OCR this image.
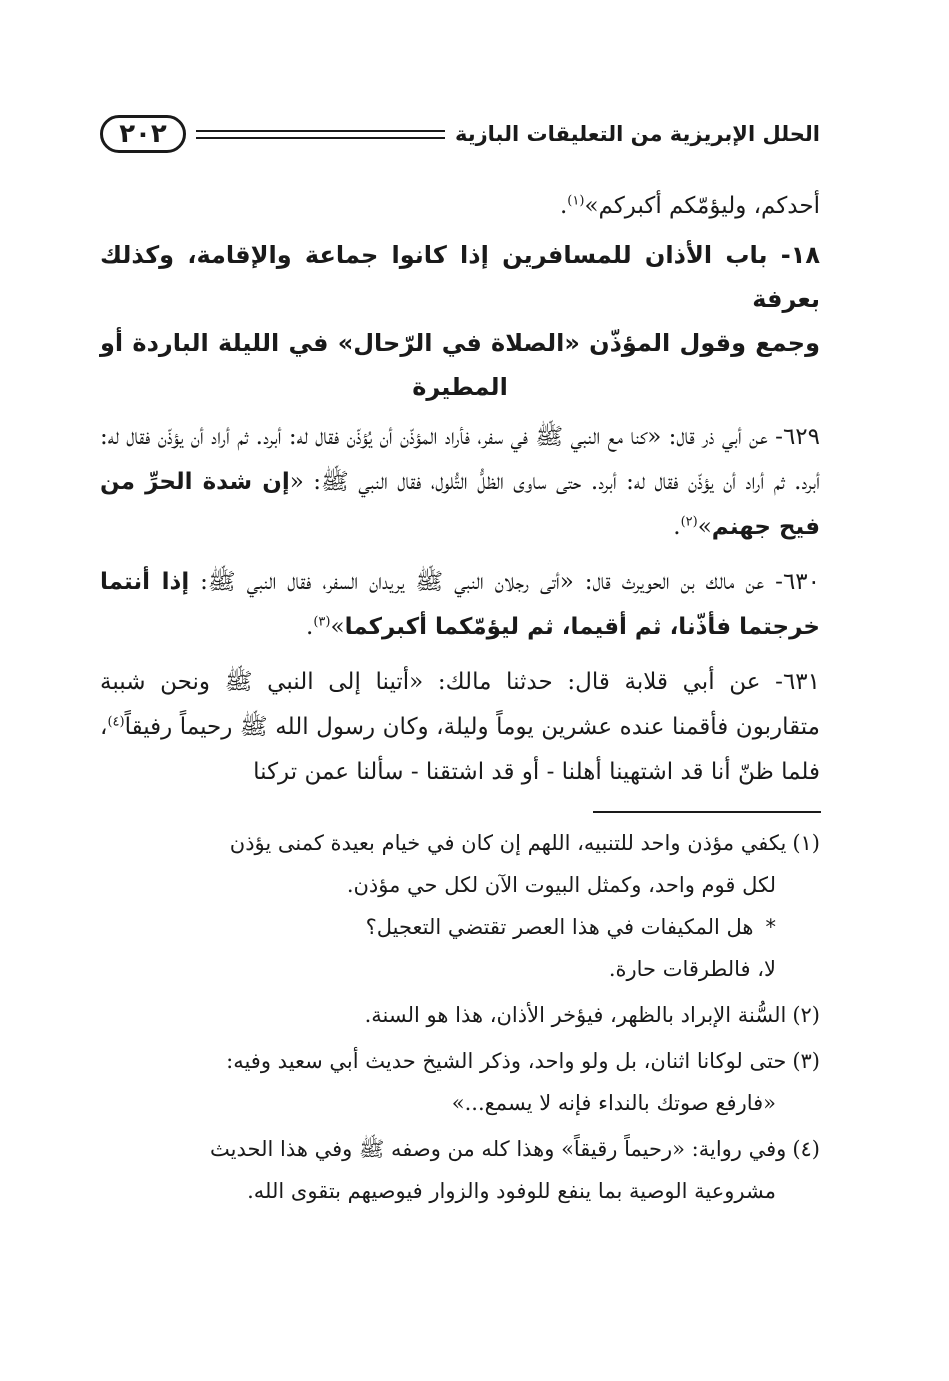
الحلل الإبريزية من التعليقات البازية
٢٠٢

أحدكم، وليؤمّكم أكبركم»$^{(١)}$.

١٨- باب الأذان للمسافرين إذا كانوا جماعة والإقامة، وكذلك بعرفة
وجمع وقول المؤذّن «الصلاة في الرّحال» في الليلة الباردة أو المطيرة

٦٢٩- عن أبي ذر قال: «كنا مع النبي ﷺ في سفر، فأراد المؤذّن أن يُؤذّن فقال له: أبرد. ثم أراد أن يؤذّن فقال له: أبرد. ثم أراد أن يؤذّن فقال له: أبرد. حتى ساوى الظلُّ التُّلول، فقال النبي ﷺ: «إن شدة الحرِّ من فيح جهنم»$^{(٢)}$.

٦٣٠- عن مالك بن الحويرث قال: «أتى رجلان النبي ﷺ يريدان السفر، فقال النبي ﷺ: إذا أنتما خرجتما فأذّنا، ثم أقيما، ثم ليؤمّكما أكبركما»$^{(٣)}$.

٦٣١- عن أبي قلابة قال: حدثنا مالك: «أتينا إلى النبي ﷺ ونحن شببة متقاربون فأقمنا عنده عشرين يوماً وليلة، وكان رسول الله ﷺ رحيماً رفيقاً$^{(٤)}$، فلما ظنّ أنا قد اشتهينا أهلنا - أو قد اشتقنا - سألنا عمن تركنا

(١)يكفي مؤذن واحد للتنبيه، اللهم إن كان في خيام بعيدة كمنى يؤذن
لكل قوم واحد، وكمثل البيوت الآن لكل حي مؤذن.
*هل المكيفات في هذا العصر تقتضي التعجيل؟
لا، فالطرقات حارة.
(٢)السُّنة الإبراد بالظهر، فيؤخر الأذان، هذا هو السنة.
(٣)حتى لوكانا اثنان، بل ولو واحد، وذكر الشيخ حديث أبي سعيد وفيه:
«فارفع صوتك بالنداء فإنه لا يسمع...»
(٤)وفي رواية: «رحيماً رقيقاً» وهذا كله من وصفه ﷺ وفي هذا الحديث
مشروعية الوصية بما ينفع للوفود والزوار فيوصيهم بتقوى الله.
